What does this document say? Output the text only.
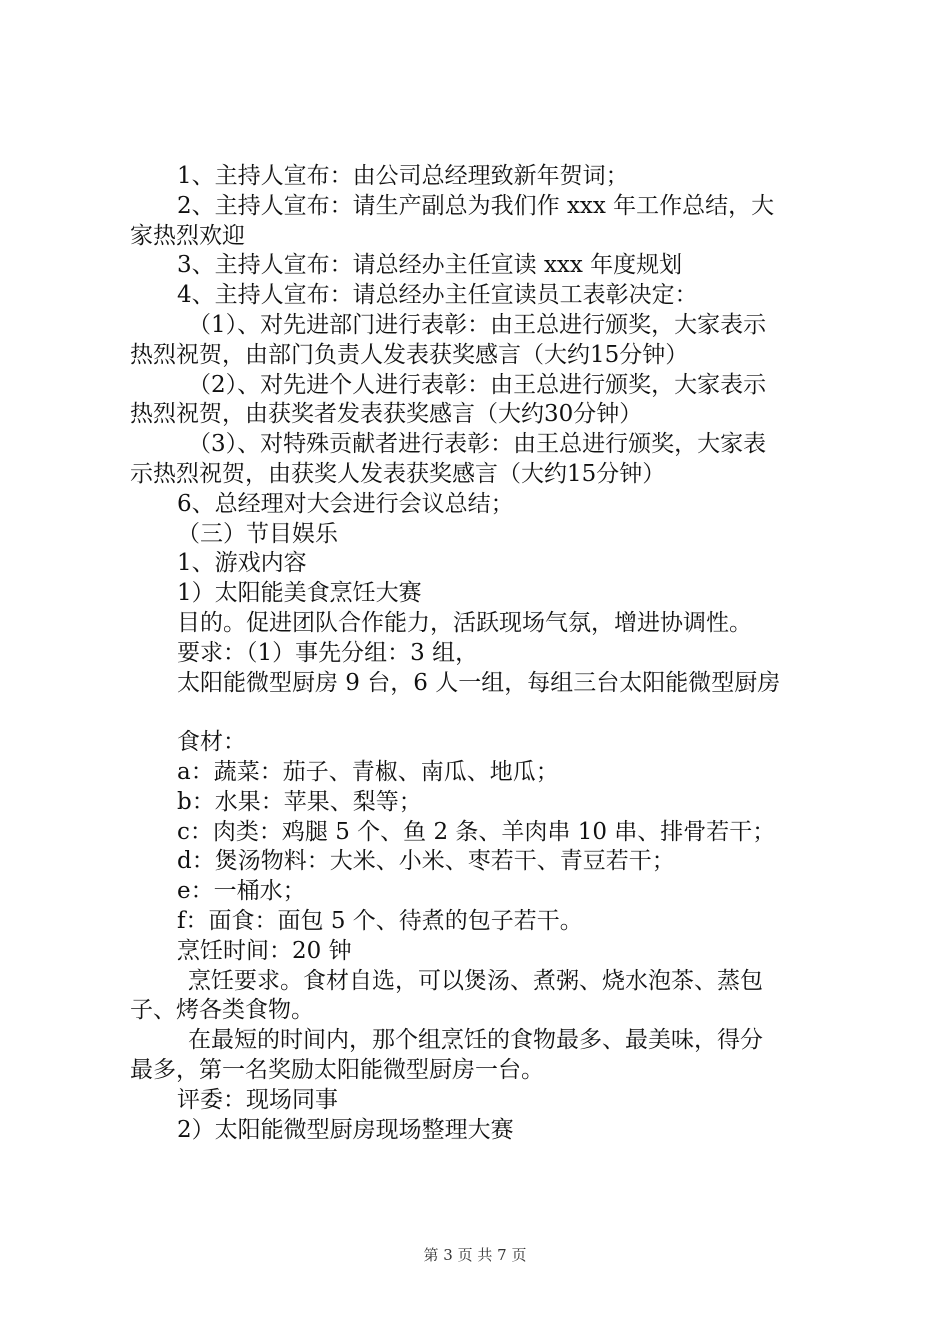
1、主持人宣布：由公司总经理致新年贺词；
2、主持人宣布：请生产副总为我们作 xxx 年工作总结，大
家热烈欢迎
3、主持人宣布：请总经办主任宣读 xxx 年度规划
4、主持人宣布：请总经办主任宣读员工表彰决定：
（1）、对先进部门进行表彰：由王总进行颁奖，大家表示
热烈祝贺，由部门负责人发表获奖感言（大约15分钟）
（2）、对先进个人进行表彰：由王总进行颁奖，大家表示
热烈祝贺，由获奖者发表获奖感言（大约30分钟）
（3）、对特殊贡献者进行表彰：由王总进行颁奖，大家表
示热烈祝贺，由获奖人发表获奖感言（大约15分钟）
6、总经理对大会进行会议总结；
（三）节目娱乐
1、游戏内容
1）太阳能美食烹饪大赛
目的。促进团队合作能力，活跃现场气氛，增进协调性。
要求：（1）事先分组：3 组，
太阳能微型厨房 9 台，6 人一组，每组三台太阳能微型厨房
食材：
a：蔬菜：茄子、青椒、南瓜、地瓜；
b：水果：苹果、梨等；
c：肉类：鸡腿 5 个、鱼 2 条、羊肉串 10 串、排骨若干；
d：煲汤物料：大米、小米、枣若干、青豆若干；
e：一桶水；
f：面食：面包 5 个、待煮的包子若干。
烹饪时间：20 钟
烹饪要求。食材自选，可以煲汤、煮粥、烧水泡茶、蒸包
子、烤各类食物。
在最短的时间内，那个组烹饪的食物最多、最美味，得分
最多，第一名奖励太阳能微型厨房一台。
评委：现场同事
2）太阳能微型厨房现场整理大赛
第 3 页 共 7 页
